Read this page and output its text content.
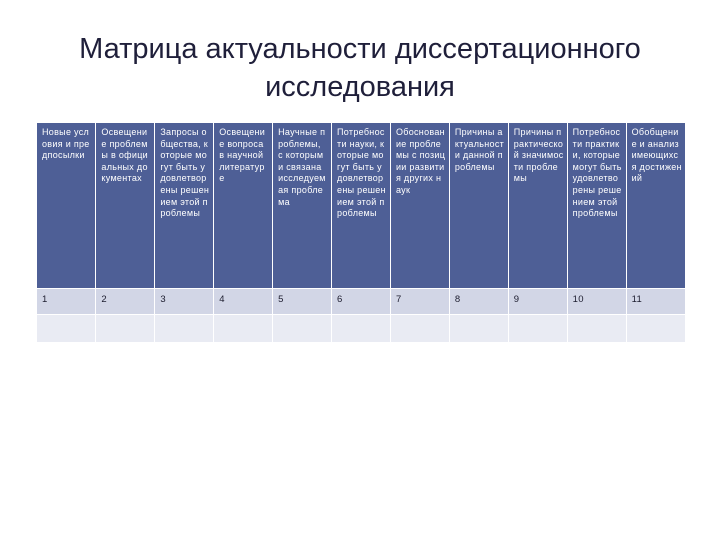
Матрица актуальности диссертационного
исследования
Новые условия и предпосылки	Освещение проблемы в официальных документах	Запросы общества, которые могут быть удовлетворены решением этой проблемы	Освещение вопроса в научной литературе	Научные проблемы, с которыми связана исследуемая проблема	Потребности науки, которые могут быть удовлетворены решением этой проблемы	Обоснование проблемы с позиции развития других наук	Причины актуальности данной проблемы	Причины практической значимости проблемы	Потребности практики, которые могут быть удовлетворены решением этой проблемы	Обобщение и анализ имеющихся достижений
1	2	3	4	5	6	7	8	9	10	11
